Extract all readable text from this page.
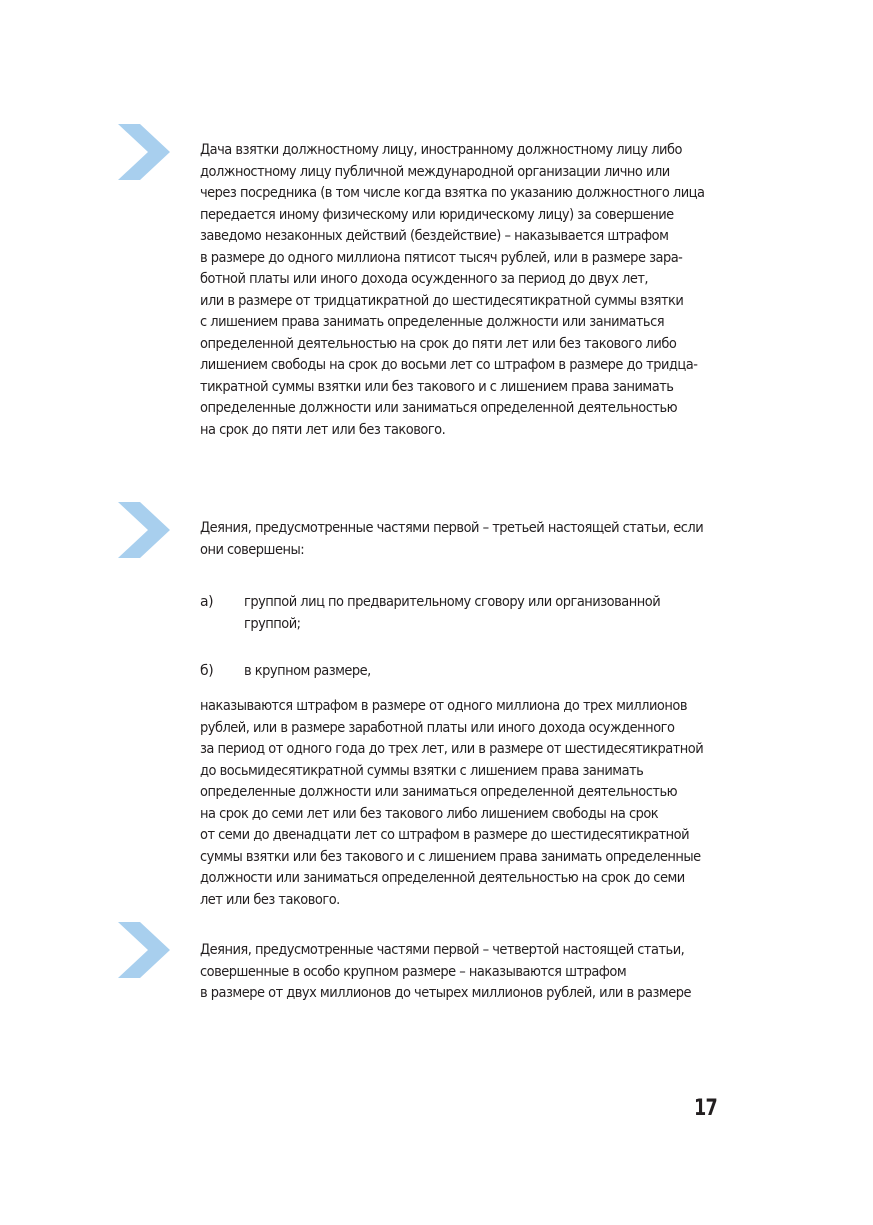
Дача взятки должностному лицу, иностранному должностному лицу либо
должностному лицу публичной международной организации лично или
через посредника (в том числе когда взятка по указанию должностного лица
передается иному физическому или юридическому лицу) за совершение
заведомо незаконных действий (бездействие) – наказывается штрафом
в размере до одного миллиона пятисот тысяч рублей, или в размере зара-
ботной платы или иного дохода осужденного за период до двух лет,
или в размере от тридцатикратной до шестидесятикратной суммы взятки
с лишением права занимать определенные должности или заниматься
определенной деятельностью на срок до пяти лет или без такового либо
лишением свободы на срок до восьми лет со штрафом в размере до тридца-
тикратной суммы взятки или без такового и с лишением права занимать
определенные должности или заниматься определенной деятельностью
на срок до пяти лет или без такового.
Деяния, предусмотренные частями первой – третьей настоящей статьи, если
они совершены:
а) группой лиц по предварительному сговору или организованной
группой;
б) в крупном размере,
наказываются штрафом в размере от одного миллиона до трех миллионов
рублей, или в размере заработной платы или иного дохода осужденного
за период от одного года до трех лет, или в размере от шестидесятикратной
до восьмидесятикратной суммы взятки с лишением права занимать
определенные должности или заниматься определенной деятельностью
на срок до семи лет или без такового либо лишением свободы на срок
от семи до двенадцати лет со штрафом в размере до шестидесятикратной
суммы взятки или без такового и с лишением права занимать определенные
должности или заниматься определенной деятельностью на срок до семи
лет или без такового.
Деяния, предусмотренные частями первой – четвертой настоящей статьи,
совершенные в особо крупном размере – наказываются штрафом
в размере от двух миллионов до четырех миллионов рублей, или в размере
17
